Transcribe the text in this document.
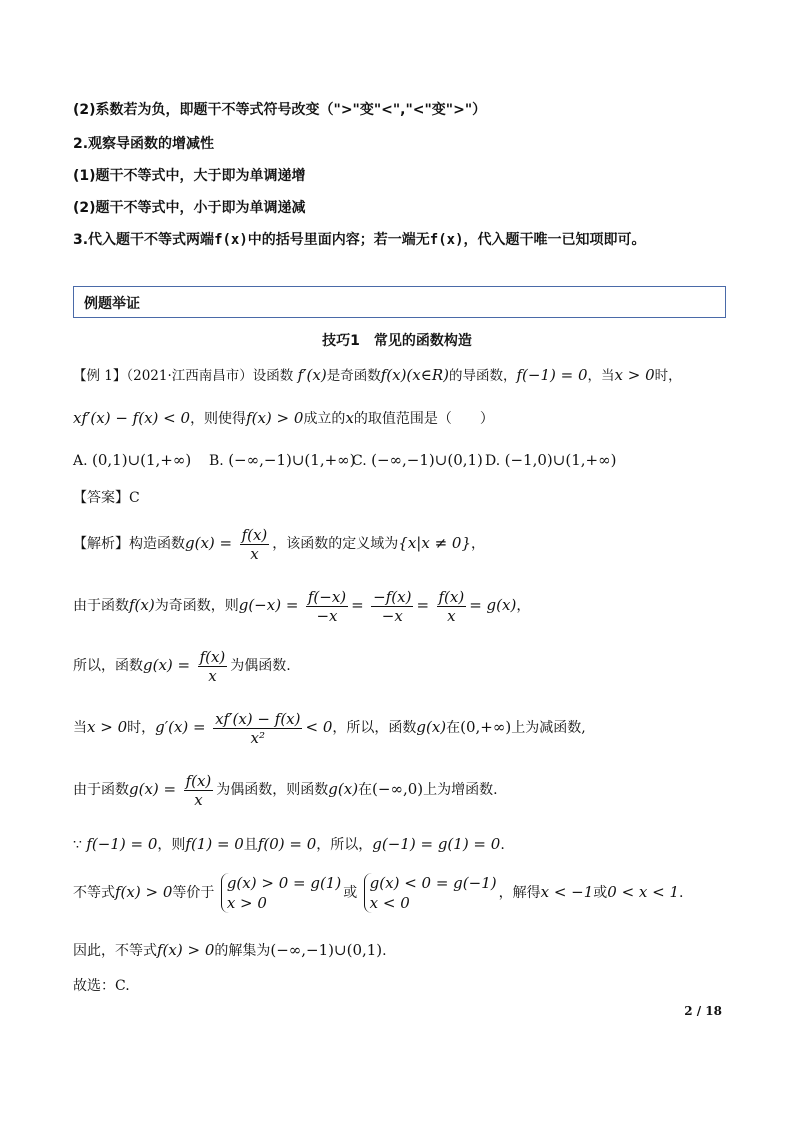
(2)系数若为负，即题干不等式符号改变（">"变"<","<"变">"）
2.观察导函数的增减性
(1)题干不等式中，大于即为单调递增
(2)题干不等式中，小于即为单调递减
3.代入题干不等式两端f(x)中的括号里面内容；若一端无f(x)，代入题干唯一已知项即可。
例题举证
技巧1　常见的函数构造
【例 1】（2021·江西南昌市）设函数 f′(x)是奇函数f(x)(x∈R)的导函数，f(−1) = 0，当x > 0时，
xf′(x) − f(x) < 0，则使得f(x) > 0成立的x的取值范围是（　　）
A. (0,1)∪(1,+∞) B. (−∞,−1)∪(1,+∞)
C. (−∞,−1)∪(0,1) D. (−1,0)∪(1,+∞)
【答案】C
【解析】构造函数$g(x) = \frac{f(x)}{x}$ ，该函数的定义域为{x|x ≠ 0}，
由于函数f(x)为奇函数，则$g(-x) = \frac{f(-x)}{-x} = \frac{-f(x)}{-x} = \frac{f(x)}{x} = g(x)$，
所以，函数$g(x) = \frac{f(x)}{x}$ 为偶函数.
当x > 0时，$g'(x) = \frac{xf'(x) - f(x)}{\text{x²}} < 0$，所以，函数g(x)在(0,+∞)上为减函数,
由于函数$g(x) = \frac{f(x)}{x}$ 为偶函数，则函数g(x)在(−∞,0)上为增函数.
∵ f(−1) = 0，则f(1) = 0且f(0) = 0，所以，g(−1) = g(1) = 0.
不等式f(x) > 0等价于
g(x) > 0 = g(1)
x > 0
或
g(x) < 0 = g(−1)
x < 0
，解得x < −1或0 < x < 1.
因此，不等式f(x) > 0的解集为(−∞,−1)∪(0,1).
故选：C.
2 / 18
